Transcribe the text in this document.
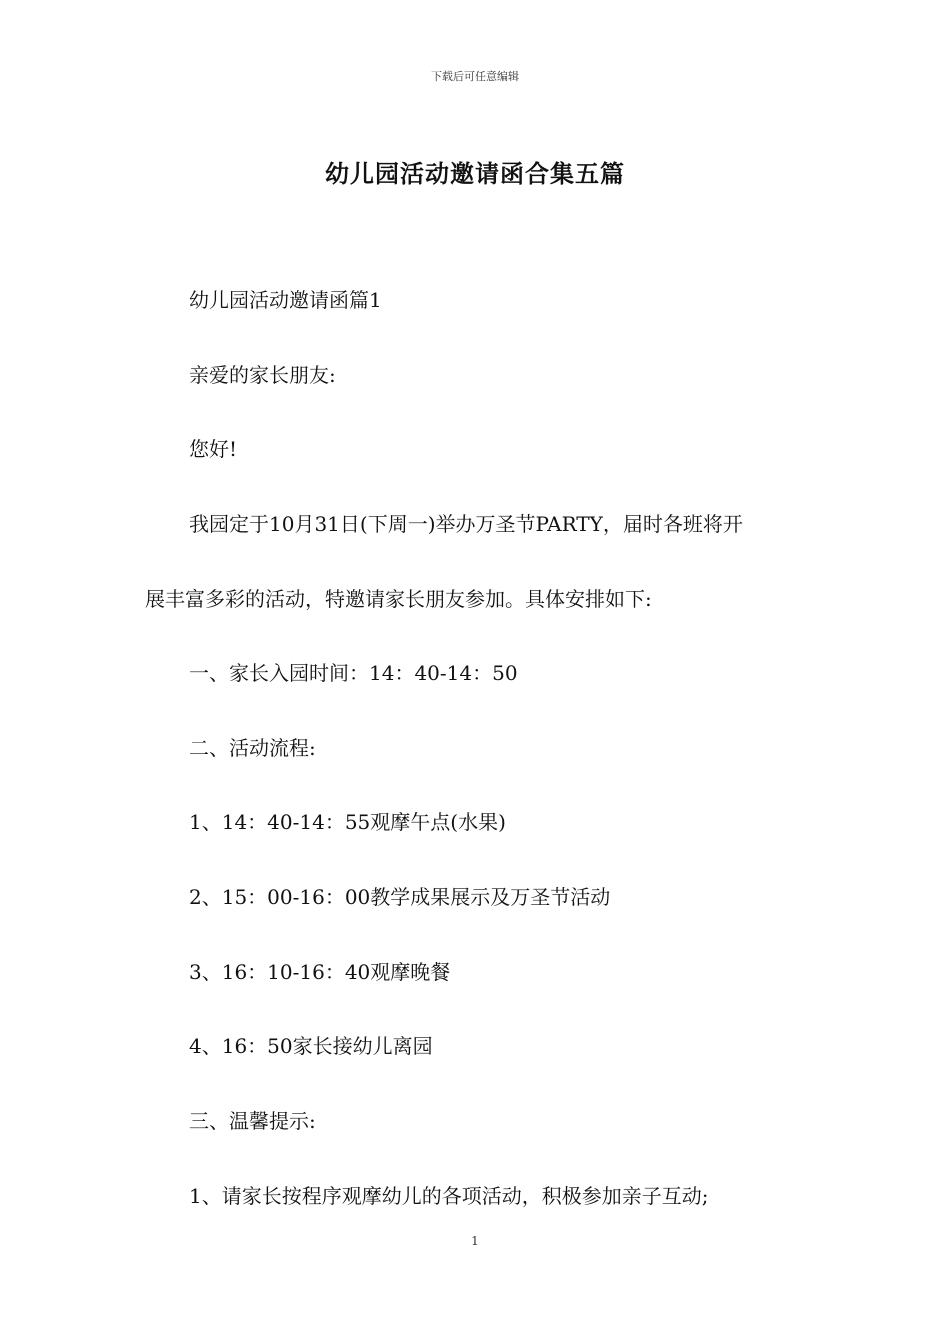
下载后可任意编辑
幼儿园活动邀请函合集五篇

幼儿园活动邀请函篇1

亲爱的家长朋友:

您好!

我园定于10月31日(下周一)举办万圣节PARTY，届时各班将开

展丰富多彩的活动，特邀请家长朋友参加。具体安排如下:

一、家长入园时间：14：40-14：50

二、活动流程:

1、14：40-14：55观摩午点(水果)

2、15：00-16：00教学成果展示及万圣节活动

3、16：10-16：40观摩晚餐

4、16：50家长接幼儿离园

三、温馨提示:

1、请家长按程序观摩幼儿的各项活动，积极参加亲子互动;

1
